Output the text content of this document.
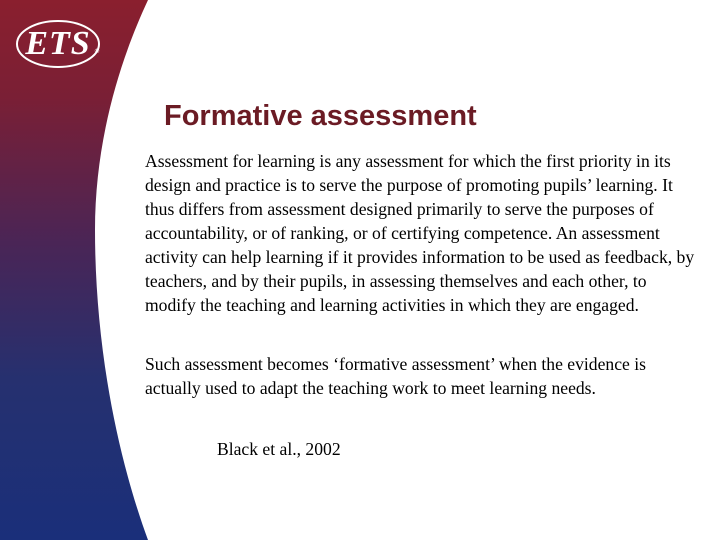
ETS ®
Formative assessment

Assessment for learning is any assessment for which the first priority in its design and practice is to serve the purpose of promoting pupils’ learning. It thus differs from assessment designed primarily to serve the purposes of accountability, or of ranking, or of certifying competence. An assessment activity can help learning if it provides information to be used as feedback, by teachers, and by their pupils, in assessing themselves and each other, to modify the teaching and learning activities in which they are engaged.

Such assessment becomes ‘formative assessment’ when the evidence is actually used to adapt the teaching work to meet learning needs.

Black et al., 2002
